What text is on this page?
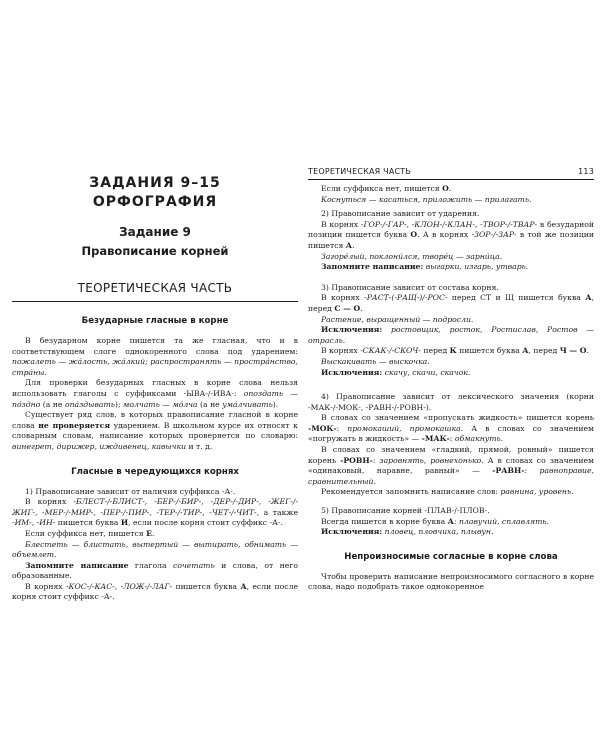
ЗАДАНИЯ 9–15
ОРФОГРАФИЯ
Задание 9
Правописание корней
ТЕОРЕТИЧЕСКАЯ ЧАСТЬ
Безударные гласные в корне

В безударном корне пишется та же гласная, что и в соответствующем слоге однокоренного слова под ударением: пожалеть — жáлость, жáлкий; распространять — простра́нство, стрáны.

Для проверки безударных гласных в корне слова нельзя использовать глаголы с суффиксами -ЫВА-/-ИВА-: опоздать — пóздно (а не опáздывать); молчать — мóлча (а не умáлчивать).

Существует ряд слов, в которых правописание гласной в корне слова не проверяется ударением. В школьном курсе их относят к словарным словам, написание которых проверяется по словарю: винегрет, дирижер, иждивенец, кавычки и т. д.

Гласные в чередующихся корнях

1) Правописание зависит от наличия суффикса -А-.

В корнях -БЛЕСТ-/-БЛИСТ-, -БЕР-/-БИР-, -ДЕР-/-ДИР-, -ЖЕГ-/-ЖИГ-, -МЕР-/-МИР-, -ПЕР-/-ПИР-, -ТЕР-/-ТИР-, -ЧЕТ-/-ЧИТ-, а также -ИМ-, -ИН- пишется буква И, если после корня стоит суффикс -А-.

Если суффикса нет, пишется Е.

Блестеть — блистать, вытертый — вытирать, обнимать — объемлет.

Запомните написание глагола сочетать и слова, от него образованные.

В корнях -КОС-/-КАС-, -ЛОЖ-/-ЛАГ- пишется буква А, если после корня стоит суффикс -А-.

ТЕОРЕТИЧЕСКАЯ ЧАСТЬ	113

Если суффикса нет, пишется О.

Коснуться — касаться, приложить — прилагать.

2) Правописание зависит от ударения.

В корнях -ГОР-/-ГАР-, -КЛОН-/-КЛАН-, -ТВОР-/-ТВАР- в безударной позиции пишется буква О. А в корнях -ЗОР-/-ЗАР- в той же позиции пишется А.

Загорéлый, поклонúлся, творéц — зарнúца.

Запомните написание: выгарки, изгарь, утварь.

3) Правописание зависит от состава корня.

В корнях -РАСТ-(-РАЩ-)/-РОС- перед СТ и Щ пишется буква А, перед С — О.

Растение, выращенный — подросли.

Исключения: ростовщик, росток, Ростислав, Ростов — отрасль.

В корнях -СКАК-/-СКОЧ- перед К пишется буква А, перед Ч — О.

Выскакивать — выскочка.

Исключения: скачу, скачи, скачок.

4) Правописание зависит от лексического значения (корни -МАК-/-МОК-, -РАВН-/-РОВН-).

В словах со значением «пропускать жидкость» пишется корень -МОК-: промокаший, промокашка. А в словах со значением «погружать в жидкость» — -МАК-: обмакнуть.

В словах со значением «гладкий, прямой, ровный» пишется корень -РОВН-: заровнять, ровнехонько. А в словах со значением «одинаковый, наравне, равный» — -РАВН-: равноправие, сравнительный.

Рекомендуется запомнить написание слов: равнина, уровень.

5) Правописание корней -ПЛАВ-/-ПЛОВ-.

Всегда пишется в корне буква А: плавучий, сплавлять.

Исключения: пловец, пловчиха, плывун.

Непроизносимые согласные в корне слова

Чтобы проверить написание непроизносимого согласного в корне слова, надо подобрать такое однокоренное
